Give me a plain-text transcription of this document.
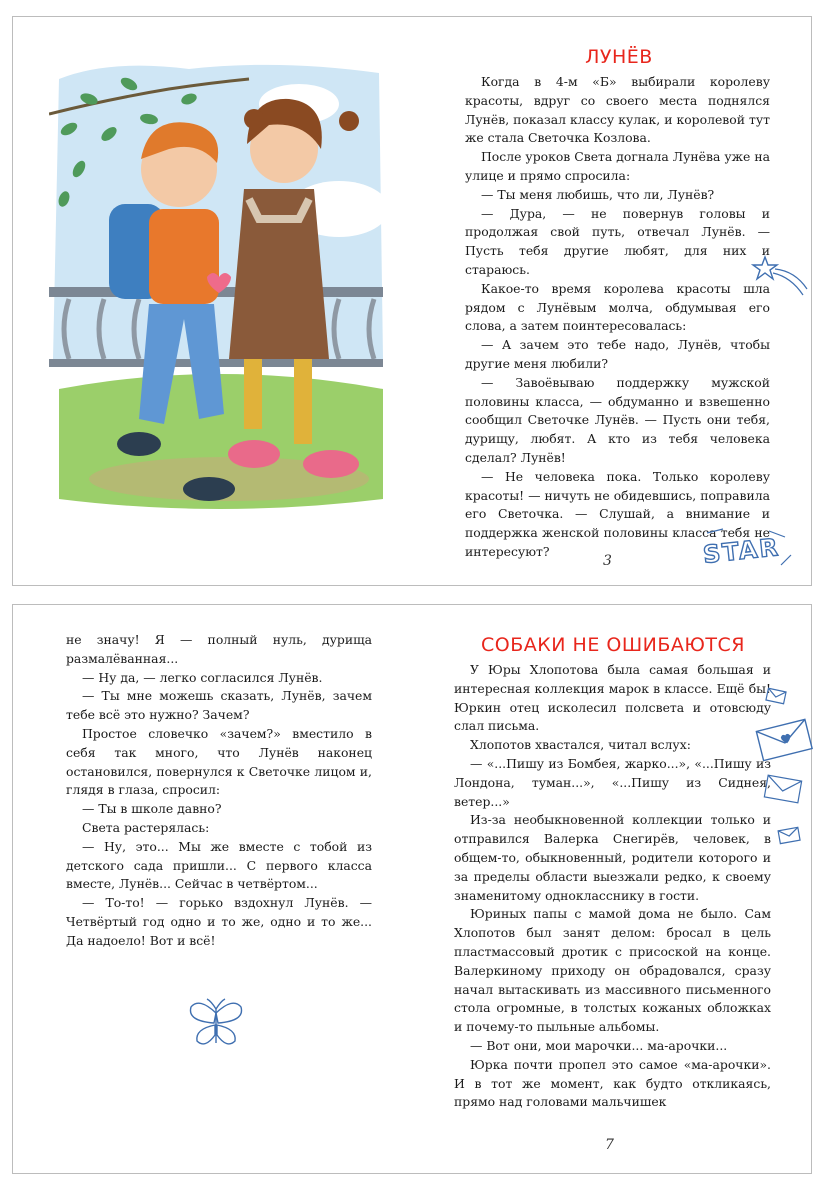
ЛУНЁВ

Когда в 4-м «Б» выбирали королеву красоты, вдруг со своего места поднялся Лунёв, показал классу кулак, и королевой тут же стала Светочка Козлова.

После уроков Света догнала Лунёва уже на улице и прямо спросила:

— Ты меня любишь, что ли, Лунёв?

— Дура, — не повернув головы и продолжая свой путь, отвечал Лунёв. — Пусть тебя другие любят, для них и стараюсь.

Какое-то время королева красоты шла рядом с Лунёвым молча, обдумывая его слова, а затем поинтересовалась:

— А зачем это тебе надо, Лунёв, чтобы другие меня любили?

— Завоёвываю поддержку мужской половины класса, — обдуманно и взвешенно сообщил Светочке Лунёв. — Пусть они тебя, дурищу, любят. А кто из тебя человека сделал? Лунёв!

— Не человека пока. Только королеву красоты! — ничуть не обидевшись, поправила его Светочка. — Слушай, а внимание и поддержка женской половины класса тебя не интересуют?	STAR
3

не значу! Я — полный нуль, дурища размалёванная...

— Ну да, — легко согласился Лунёв.

— Ты мне можешь сказать, Лунёв, зачем тебе всё это нужно? Зачем?

Простое словечко «зачем?» вместило в себя так много, что Лунёв наконец остановился, повернулся к Светочке лицом и, глядя в глаза, спросил:

— Ты в школе давно?

Света растерялась:

— Ну, это... Мы же вместе с тобой из детского сада пришли... С первого класса вместе, Лунёв... Сейчас в четвёртом...

— То-то! — горько вздохнул Лунёв. — Четвёртый год одно и то же, одно и то же... Да надоело! Вот и всё!

СОБАКИ НЕ ОШИБАЮТСЯ

У Юры Хлопотова была самая большая и интересная коллекция марок в классе. Ещё бы! Юркин отец исколесил полсвета и отовсюду слал письма.

Хлопотов хвастался, читал вслух:

— «...Пишу из Бомбея, жарко...», «...Пишу из Лондона, туман...», «...Пишу из Сиднея, ветер...»

Из-за необыкновенной коллекции только и отправился Валерка Снегирёв, человек, в общем-то, обыкновенный, родители которого и за пределы области выезжали редко, к своему знаменитому однокласснику в гости.

Юриных папы с мамой дома не было. Сам Хлопотов был занят делом: бросал в цель пластмассовый дротик с присоской на конце. Валеркиному приходу он обрадовался, сразу начал вытаскивать из массивного письменного стола огромные, в толстых кожаных обложках и почему-то пыльные альбомы.

— Вот они, мои марочки... ма-арочки...

Юрка почти пропел это самое «ма-арочки». И в тот же момент, как будто откликаясь, прямо над головами мальчишек

7
